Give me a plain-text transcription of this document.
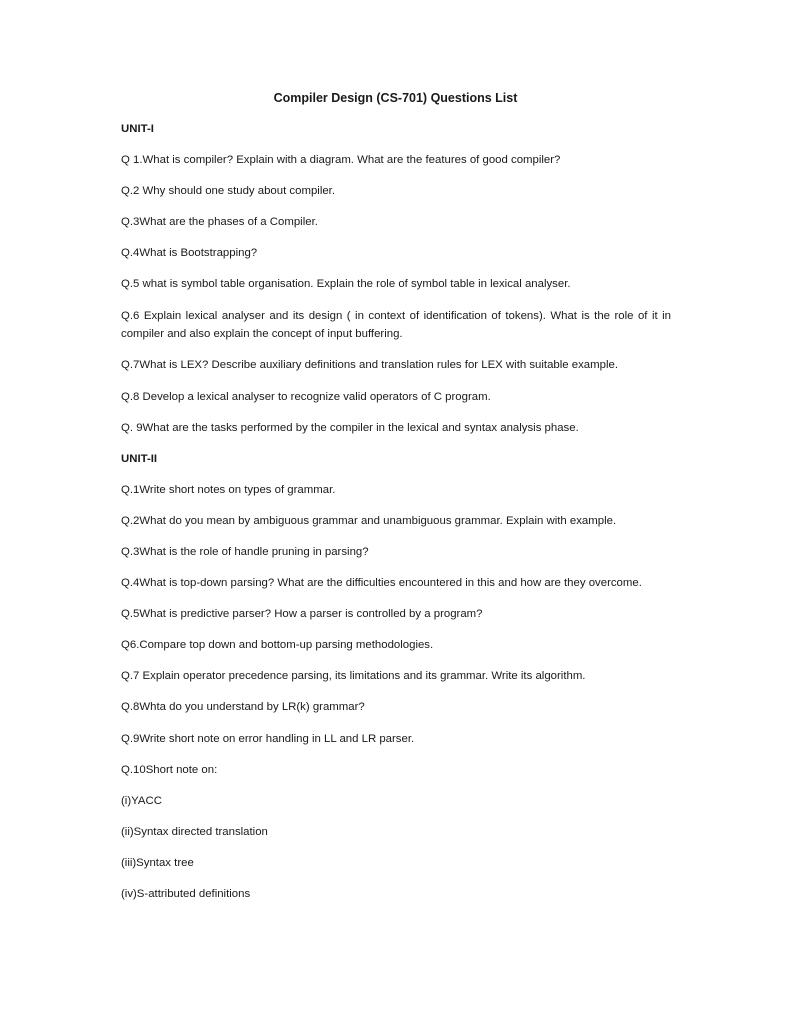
Compiler Design (CS-701) Questions List
UNIT-I
Q 1.What is compiler? Explain with a diagram. What are the features of good compiler?
Q.2 Why should one study about compiler.
Q.3What are the phases of a Compiler.
Q.4What is Bootstrapping?
Q.5 what is symbol table organisation. Explain the role of symbol table in lexical analyser.
Q.6 Explain lexical analyser and its design ( in context of identification of tokens). What is the role of it in compiler and also explain the concept of input buffering.
Q.7What is LEX? Describe auxiliary definitions and translation rules for LEX with suitable example.
Q.8 Develop a lexical analyser to recognize valid operators of C program.
Q. 9What are the tasks performed by the compiler in the lexical and syntax analysis phase.
UNIT-II
Q.1Write short notes on types of grammar.
Q.2What do you mean by ambiguous grammar and unambiguous grammar. Explain with example.
Q.3What is the role of handle pruning in parsing?
Q.4What is top-down parsing? What are the difficulties encountered in this and how are they overcome.
Q.5What is predictive parser? How a parser is controlled by a program?
Q6.Compare top down and bottom-up parsing methodologies.
Q.7 Explain operator precedence parsing, its limitations and its grammar. Write its algorithm.
Q.8Whta do you understand by LR(k) grammar?
Q.9Write short note on error handling in LL and LR parser.
Q.10Short note on:
(i)YACC
(ii)Syntax directed translation
(iii)Syntax tree
(iv)S-attributed definitions
